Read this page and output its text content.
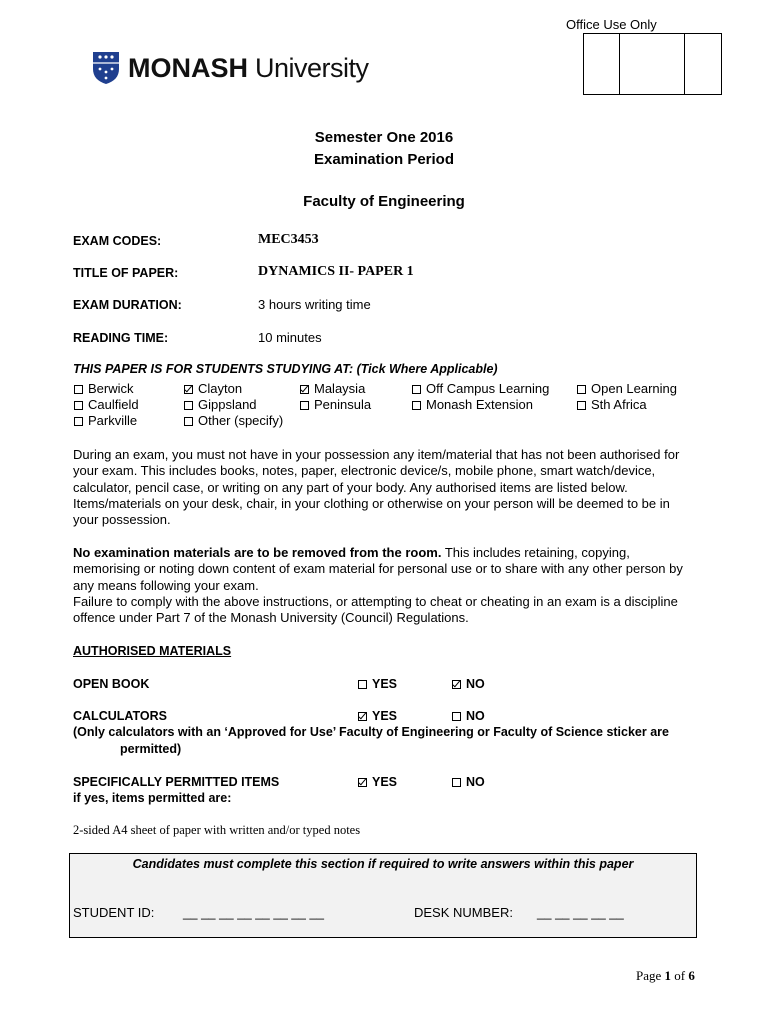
Office Use Only
MONASH University
Semester One 2016
Examination Period
Faculty of Engineering
EXAM CODES:	MEC3453
TITLE OF PAPER:	DYNAMICS II- PAPER 1
EXAM DURATION:	3 hours writing time
READING TIME:	10 minutes
THIS PAPER IS FOR STUDENTS STUDYING AT: (Tick Where Applicable)
Berwick	Clayton	Malaysia	Off Campus Learning	Open Learning
Caulfield	Gippsland	Peninsula	Monash Extension	Sth Africa
Parkville	Other (specify)
During an exam, you must not have in your possession any item/material that has not been authorised for your exam. This includes books, notes, paper, electronic device/s, mobile phone, smart watch/device, calculator, pencil case, or writing on any part of your body. Any authorised items are listed below. Items/materials on your desk, chair, in your clothing or otherwise on your person will be deemed to be in your possession.
No examination materials are to be removed from the room. This includes retaining, copying, memorising or noting down content of exam material for personal use or to share with any other person by any means following your exam.
Failure to comply with the above instructions, or attempting to cheat or cheating in an exam is a discipline offence under Part 7 of the Monash University (Council) Regulations.
AUTHORISED MATERIALS
OPEN BOOK	YES	NO
CALCULATORS	YES	NO
(Only calculators with an ‘Approved for Use’ Faculty of Engineering or Faculty of Science sticker are
permitted)
SPECIFICALLY PERMITTED ITEMS	YES	NO
if yes, items permitted are:
2-sided A4 sheet of paper with written and/or typed notes
Candidates must complete this section if required to write answers within this paper
STUDENT ID: __ __ __ __ __ __ __ __	DESK NUMBER: __ __ __ __ __
Page 1 of 6
